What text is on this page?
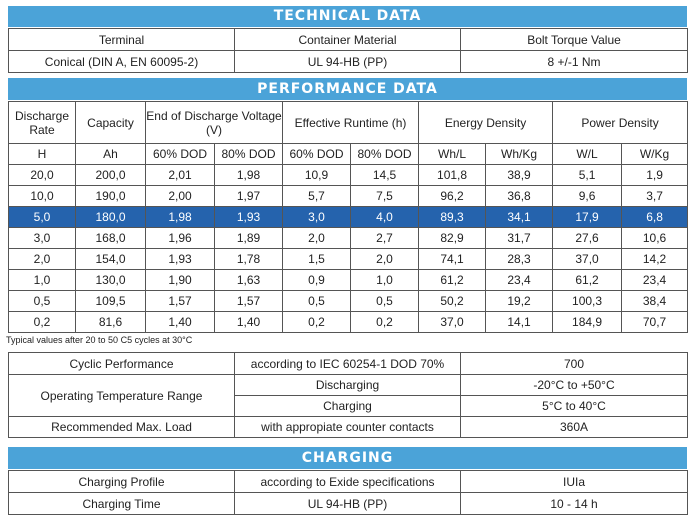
TECHNICAL DATA
Terminal	Container Material	Bolt Torque Value
Conical (DIN A, EN 60095-2)	UL 94-HB (PP)	8 +/-1 Nm
PERFORMANCE DATA
Discharge Rate	Capacity	End of Discharge Voltage (V)		Effective Runtime (h)		Energy Density		Power Density	
H	Ah	60% DOD	80% DOD	60% DOD	80% DOD	Wh/L	Wh/Kg	W/L	W/Kg
20,0	200,0	2,01	1,98	10,9	14,5	101,8	38,9	5,1	1,9
10,0	190,0	2,00	1,97	5,7	7,5	96,2	36,8	9,6	3,7
5,0	180,0	1,98	1,93	3,0	4,0	89,3	34,1	17,9	6,8
3,0	168,0	1,96	1,89	2,0	2,7	82,9	31,7	27,6	10,6
2,0	154,0	1,93	1,78	1,5	2,0	74,1	28,3	37,0	14,2
1,0	130,0	1,90	1,63	0,9	1,0	61,2	23,4	61,2	23,4
0,5	109,5	1,57	1,57	0,5	0,5	50,2	19,2	100,3	38,4
0,2	81,6	1,40	1,40	0,2	0,2	37,0	14,1	184,9	70,7
Typical values after 20 to 50 C5 cycles at 30°C
Cyclic Performance	according to IEC 60254-1 DOD 70%	700
Operating Temperature Range	Discharging	-20°C to +50°C
	Charging	5°C to 40°C
Recommended Max. Load	with appropiate counter contacts	360A
CHARGING
Charging Profile	according to Exide specifications	IUIa
Charging Time	UL 94-HB (PP)	10 - 14 h
